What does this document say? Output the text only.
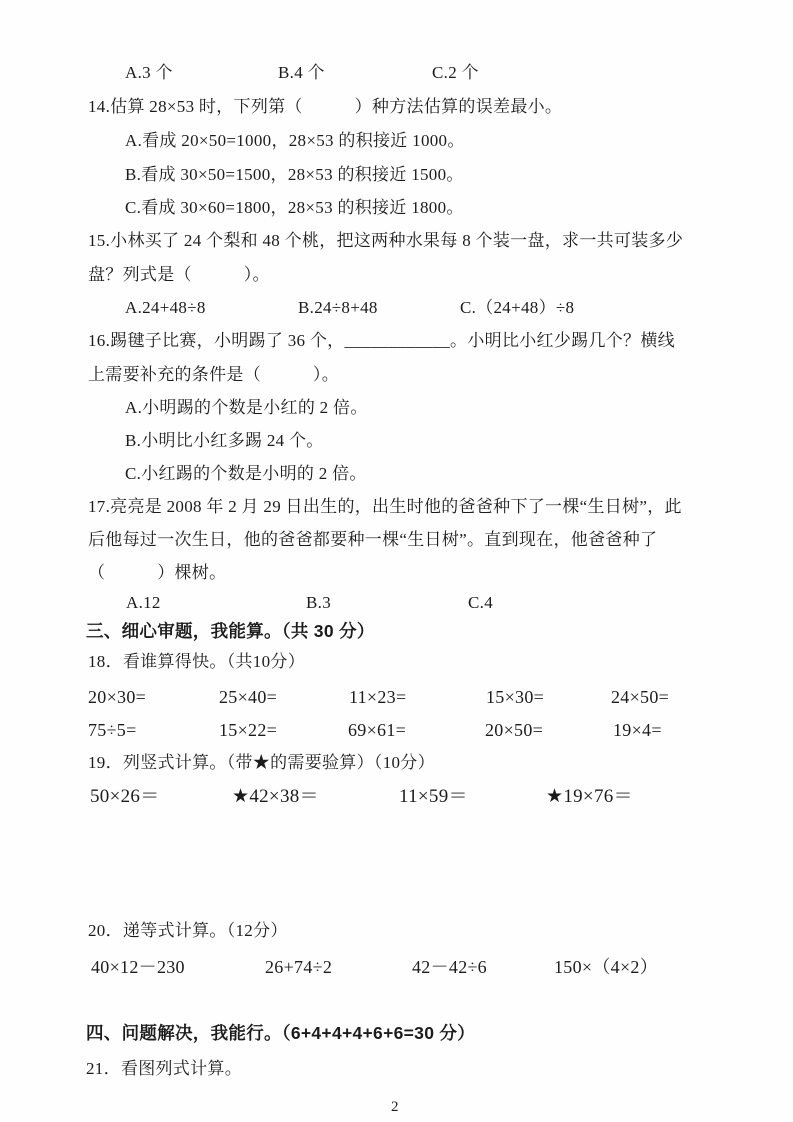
A.3 个	B.4 个	C.2 个
14.估算 28×53 时，下列第（　　　）种方法估算的误差最小。
A.看成 20×50=1000，28×53 的积接近 1000。
B.看成 30×50=1500，28×53 的积接近 1500。
C.看成 30×60=1800，28×53 的积接近 1800。
15.小林买了 24 个梨和 48 个桃，把这两种水果每 8 个装一盘，求一共可装多少
盘？列式是（　　　）。
A.24+48÷8	B.24÷8+48	C.（24+48）÷8
16.踢毽子比赛，小明踢了 36 个，____________。小明比小红少踢几个？横线
上需要补充的条件是（　　　）。
A.小明踢的个数是小红的 2 倍。
B.小明比小红多踢 24 个。
C.小红踢的个数是小明的 2 倍。
17.亮亮是 2008 年 2 月 29 日出生的，出生时他的爸爸种下了一棵“生日树”，此
后他每过一次生日，他的爸爸都要种一棵“生日树”。直到现在，他爸爸种了
（　　　）棵树。
A.12	B.3	C.4
三、细心审题，我能算。（共 30 分）
18．看谁算得快。（共10分）
20×30=	25×40=	11×23=	15×30=	24×50=
75÷5=	15×22=	69×61=	20×50=	19×4=
19．列竖式计算。（带★的需要验算）（10分）
50×26＝	★42×38＝	11×59＝	★19×76＝
20．递等式计算。（12分）
40×12－230	26+74÷2	42－42÷6	150×（4×2）
四、问题解决，我能行。（6+4+4+4+6+6=30 分）
21．看图列式计算。
2
